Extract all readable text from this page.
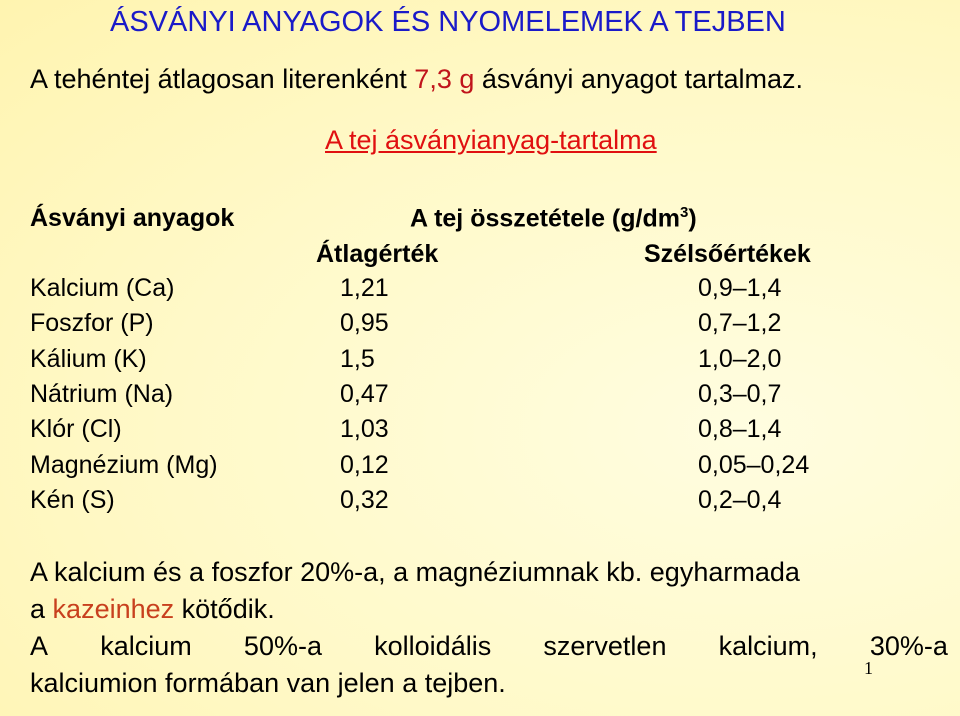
ÁSVÁNYI ANYAGOK ÉS NYOMELEMEK A TEJBEN
A tehéntej átlagosan literenként 7,3 g ásványi anyagot tartalmaz.
A tej ásványianyag-tartalma
Ásványi anyagok	A tej összetétele $(g/dm^3)$
Átlagérték	Szélsőértékek
Kalcium (Ca)	1,21	0,9–1,4
Foszfor (P)	0,95	0,7–1,2
Kálium (K)	1,5	1,0–2,0
Nátrium (Na)	0,47	0,3–0,7
Klór (Cl)	1,03	0,8–1,4
Magnézium (Mg)	0,12	0,05–0,24
Kén (S)	0,32	0,2–0,4
A kalcium és a foszfor 20%-a, a magnéziumnak kb. egyharmada
a kazeinhez kötődik.
A kalcium 50%-a kolloidális szervetlen kalcium, 30%-a
1
kalciumion formában van jelen a tejben.
